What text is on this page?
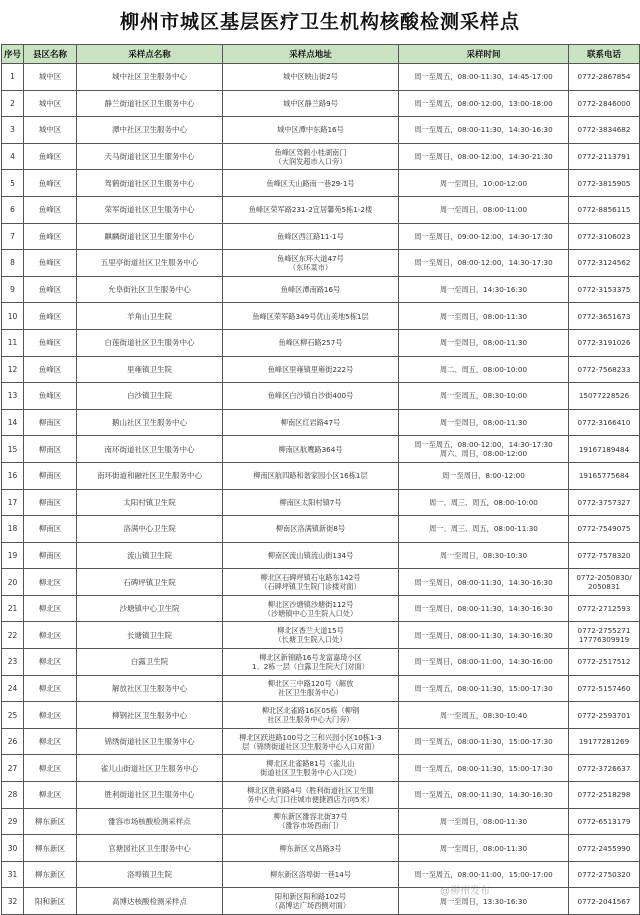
柳州市城区基层医疗卫生机构核酸检测采样点
序号	县区名称	采样点名称	采样点地址	采样时间	联系电话
1	城中区	城中社区卫生服务中心	城中区映山街2号	周一至周五，08:00-11:30，14:45-17:00	0772-2867854

2	城中区	静兰街道社区卫生服务中心	城中区静兰路9号	周一至周五，08:00-12:00，13:00-18:00	0772-2846000

3	城中区	潭中社区卫生服务中心	城中区潭中东路16号	周一至周五，08:00-11:30，14:30-16:30	0772-3834682

4	鱼峰区	天马街道社区卫生服务中心	鱼峰区驾鹤小桂湖南门
（大润发超市入口旁）	周一至周日，08:00-12:00，14:30-21:30	0772-2113791

5	鱼峰区	驾鹤街道社区卫生服务中心	鱼峰区天山路南一巷29-1号	周一至周日，10:00-12:00	0772-3815905

6	鱼峰区	荣军街道社区卫生服务中心	鱼峰区荣军路231-2宜居馨苑5栋1-2楼	周一至周日，08:00-11:00	0772-8856115

7	鱼峰区	麒麟街道社区卫生服务中心	鱼峰区西江路11-1号	周一至周日，09:00-12:00，14:30-17:30	0772-3106023

8	鱼峰区	五里亭街道社区卫生服务中心	鱼峰区东环大道47号
（东环菜市）	周一至周日，08:00-12:00，14:30-17:30	0772-3124562

9	鱼峰区	允阜街社区卫生服务中心	鱼峰区潭南路16号	周一至周日，14:30-16:30	0772-3153375

10	鱼峰区	羊角山卫生院	鱼峰区荣军路349号优山美地5栋1层	周一至周日，08:00-11:30	0772-3651673

11	鱼峰区	白莲街道社区卫生服务中心	鱼峰区柳石路257号	周一至周日，08:00-11:30	0772-3191026

12	鱼峰区	里雍镇卫生院	鱼峰区里雍镇里雍街222号	周二、周五，08:00-10:00	0772-7568233

13	鱼峰区	白沙镇卫生院	鱼峰区白沙镇白沙街400号	周一至周五，08:30-10:00	15077228526

14	柳南区	鹅山社区卫生服务中心	柳南区红岩路47号	周一至周日，08:00-11:30	0772-3166410

15	柳南区	南环街道社区卫生服务中心	柳南区航鹰路364号	周一至周五，08:00-12:00，14:30-17:30
周六、周日，08:00-12:00	19167189484

16	柳南区	南环街道和融社区卫生服务中心	柳南区航四路和谐家园小区16栋1层	周一至周日，8:00-12:00	19165775684

17	柳南区	太阳村镇卫生院	柳南区太阳村镇7号	周一、周三、周五，08:00-10:00	0772-3757327

18	柳南区	洛满中心卫生院	柳南区洛满镇新街8号	周一、周三、周五，08:00-11:30	0772-7549075

19	柳南区	流山镇卫生院	柳南区流山镇流山街134号	周一至周日，08:30-10:30	0772-7578320

20	柳北区	石碑坪镇卫生院	柳北区石碑坪镇石屯路东142号
（石碑坪镇卫生院门诊楼对面）	周一至周日，08:00-11:30，14:30-16:30	0772-2050830/
2050831

21	柳北区	沙塘镇中心卫生院	柳北区沙塘镇沙塘街112号
（沙塘镇中心卫生院入口处）	周一至周日，08:00-11:30，14:30-16:30	0772-2712593

22	柳北区	长塘镇卫生院	柳北区香兰大道15号
（长塘卫生院入口处）	周一至周日，08:00-11:30，14:30-16:30	0772-2755271
17776309919

23	柳北区	白露卫生院	柳北区新锦路16号龙富嘉琦小区
1、2栋一层（白露卫生院大门对面）	周一至周日，08:00-11:00，14:30-16:00	0772-2517512

24	柳北区	解放社区卫生服务中心	柳北区三中路120号（解放
社区卫生服务中心）	周一至周五，08:00-11:30，15:00-17:30	0772-5157460

25	柳北区	柳钢社区卫生服务中心	柳北区北雀路16区05栋（柳钢
社区卫生服务中心大门旁）	周一至周五，08:30-10:40	0772-2593701

26	柳北区	锦绣街道社区卫生服务中心	柳北区跃进路100号之三和兴园小区10栋1-3
层（锦绣街道社区卫生服务中心入口对面）	周一至周五，08:00-11:30，15:00-17:30	19177281269

27	柳北区	雀儿山街道社区卫生服务中心	柳北区北雀路81号（雀儿山
街道社区卫生服务中心入口处）	周一至周五，08:00-11:30，15:00-17:30	0772-3726637

28	柳北区	胜利街道社区卫生服务中心	柳北区胜利路4号（胜利街道社区卫生服
务中心大门口往城市便捷酒店方向5米）	周一至周五，08:00-11:30，14:30-16:30	0772-2518298

29	柳东新区	雒容市场核酸检测采样点	柳东新区雒容北街37号
（雒容市场西南门）	周一至周日，08:00-11:30	0772-6513179

30	柳东新区	官塘园社区卫生服务中心	柳东新区文昌路3号	周一至周日，08:00-11:30	0772-2455990

31	柳东新区	洛埠镇卫生院	柳东新区洛埠街一巷14号	周一至周五，08:00-11:00，15:00-17:00	0772-2750320

32	阳和新区	高博达核酸检测采样点	阳和新区阳和路102号
（高博达广场西侧对面）	周一至周日，13:30-16:30	0772-2041567
@柳州发布
